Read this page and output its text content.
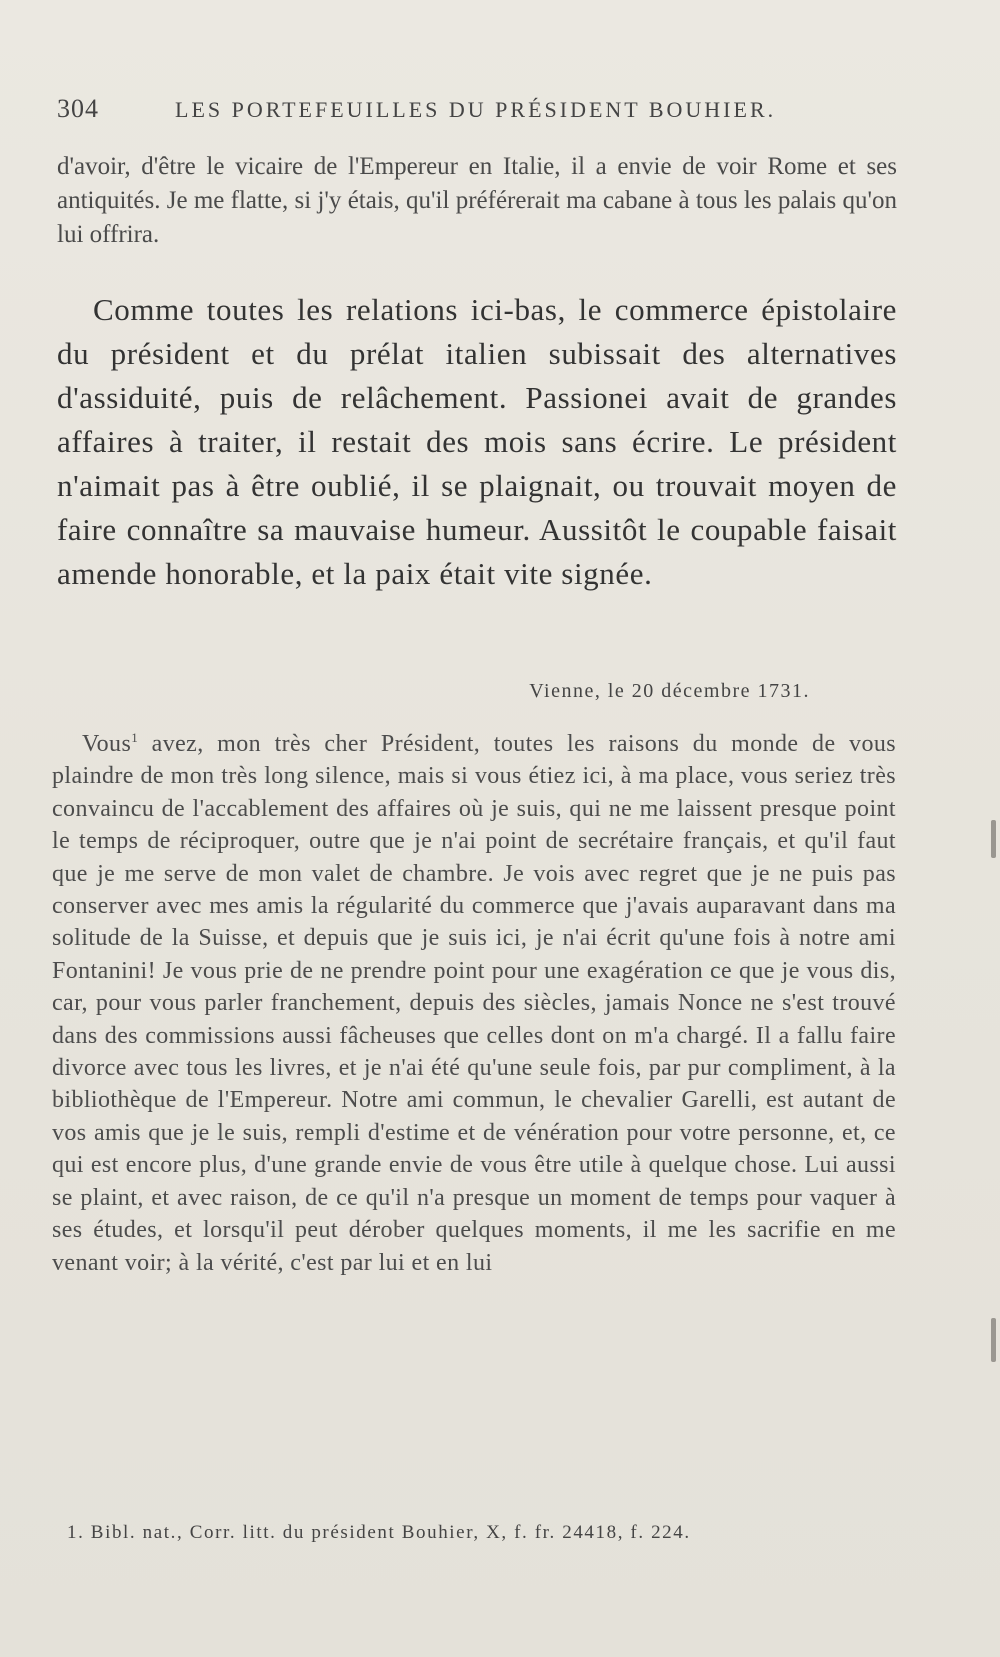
304	LES PORTEFEUILLES DU PRÉSIDENT BOUHIER.
d'avoir, d'être le vicaire de l'Empereur en Italie, il a envie de voir Rome et ses antiquités. Je me flatte, si j'y étais, qu'il préférerait ma cabane à tous les palais qu'on lui offrira.
Comme toutes les relations ici-bas, le commerce épistolaire du président et du prélat italien subissait des alternatives d'assiduité, puis de relâchement. Passionei avait de grandes affaires à traiter, il restait des mois sans écrire. Le président n'aimait pas à être oublié, il se plaignait, ou trouvait moyen de faire connaître sa mauvaise humeur. Aussitôt le coupable faisait amende honorable, et la paix était vite signée.
Vienne, le 20 décembre 1731.
Vous$^1$ avez, mon très cher Président, toutes les raisons du monde de vous plaindre de mon très long silence, mais si vous étiez ici, à ma place, vous seriez très convaincu de l'accablement des affaires où je suis, qui ne me laissent presque point le temps de réciproquer, outre que je n'ai point de secrétaire français, et qu'il faut que je me serve de mon valet de chambre. Je vois avec regret que je ne puis pas conserver avec mes amis la régularité du commerce que j'avais auparavant dans ma solitude de la Suisse, et depuis que je suis ici, je n'ai écrit qu'une fois à notre ami Fontanini! Je vous prie de ne prendre point pour une exagération ce que je vous dis, car, pour vous parler franchement, depuis des siècles, jamais Nonce ne s'est trouvé dans des commissions aussi fâcheuses que celles dont on m'a chargé. Il a fallu faire divorce avec tous les livres, et je n'ai été qu'une seule fois, par pur compliment, à la bibliothèque de l'Empereur. Notre ami commun, le chevalier Garelli, est autant de vos amis que je le suis, rempli d'estime et de vénération pour votre personne, et, ce qui est encore plus, d'une grande envie de vous être utile à quelque chose. Lui aussi se plaint, et avec raison, de ce qu'il n'a presque un moment de temps pour vaquer à ses études, et lorsqu'il peut dérober quelques moments, il me les sacrifie en me venant voir; à la vérité, c'est par lui et en lui
1. Bibl. nat., Corr. litt. du président Bouhier, X, f. fr. 24418, f. 224.
